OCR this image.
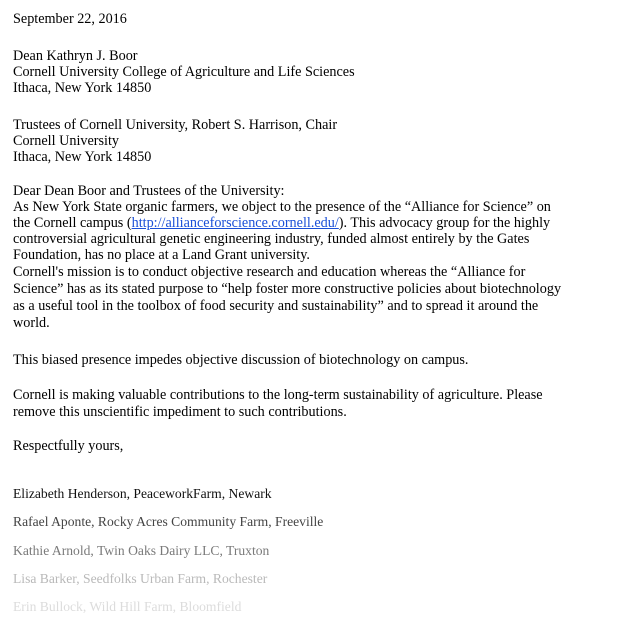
September 22, 2016
Dean Kathryn J. Boor
Cornell University College of Agriculture and Life Sciences
Ithaca, New York 14850
Trustees of Cornell University, Robert S. Harrison, Chair
Cornell University
Ithaca, New York 14850
Dear Dean Boor and Trustees of the University:
As New York State organic farmers, we object to the presence of the “Alliance for Science” on
the Cornell campus (http://allianceforscience.cornell.edu/). This advocacy group for the highly
controversial agricultural genetic engineering industry, funded almost entirely by the Gates
Foundation, has no place at a Land Grant university.
Cornell's mission is to conduct objective research and education whereas the “Alliance for
Science” has as its stated purpose to “help foster more constructive policies about biotechnology
as a useful tool in the toolbox of food security and sustainability” and to spread it around the
world.
This biased presence impedes objective discussion of biotechnology on campus.
Cornell is making valuable contributions to the long-term sustainability of agriculture. Please
remove this unscientific impediment to such contributions.
Respectfully yours,
Elizabeth Henderson, PeaceworkFarm, Newark
Rafael Aponte, Rocky Acres Community Farm, Freeville
Kathie Arnold, Twin Oaks Dairy LLC, Truxton
Lisa Barker, Seedfolks Urban Farm, Rochester
Erin Bullock, Wild Hill Farm, Bloomfield
